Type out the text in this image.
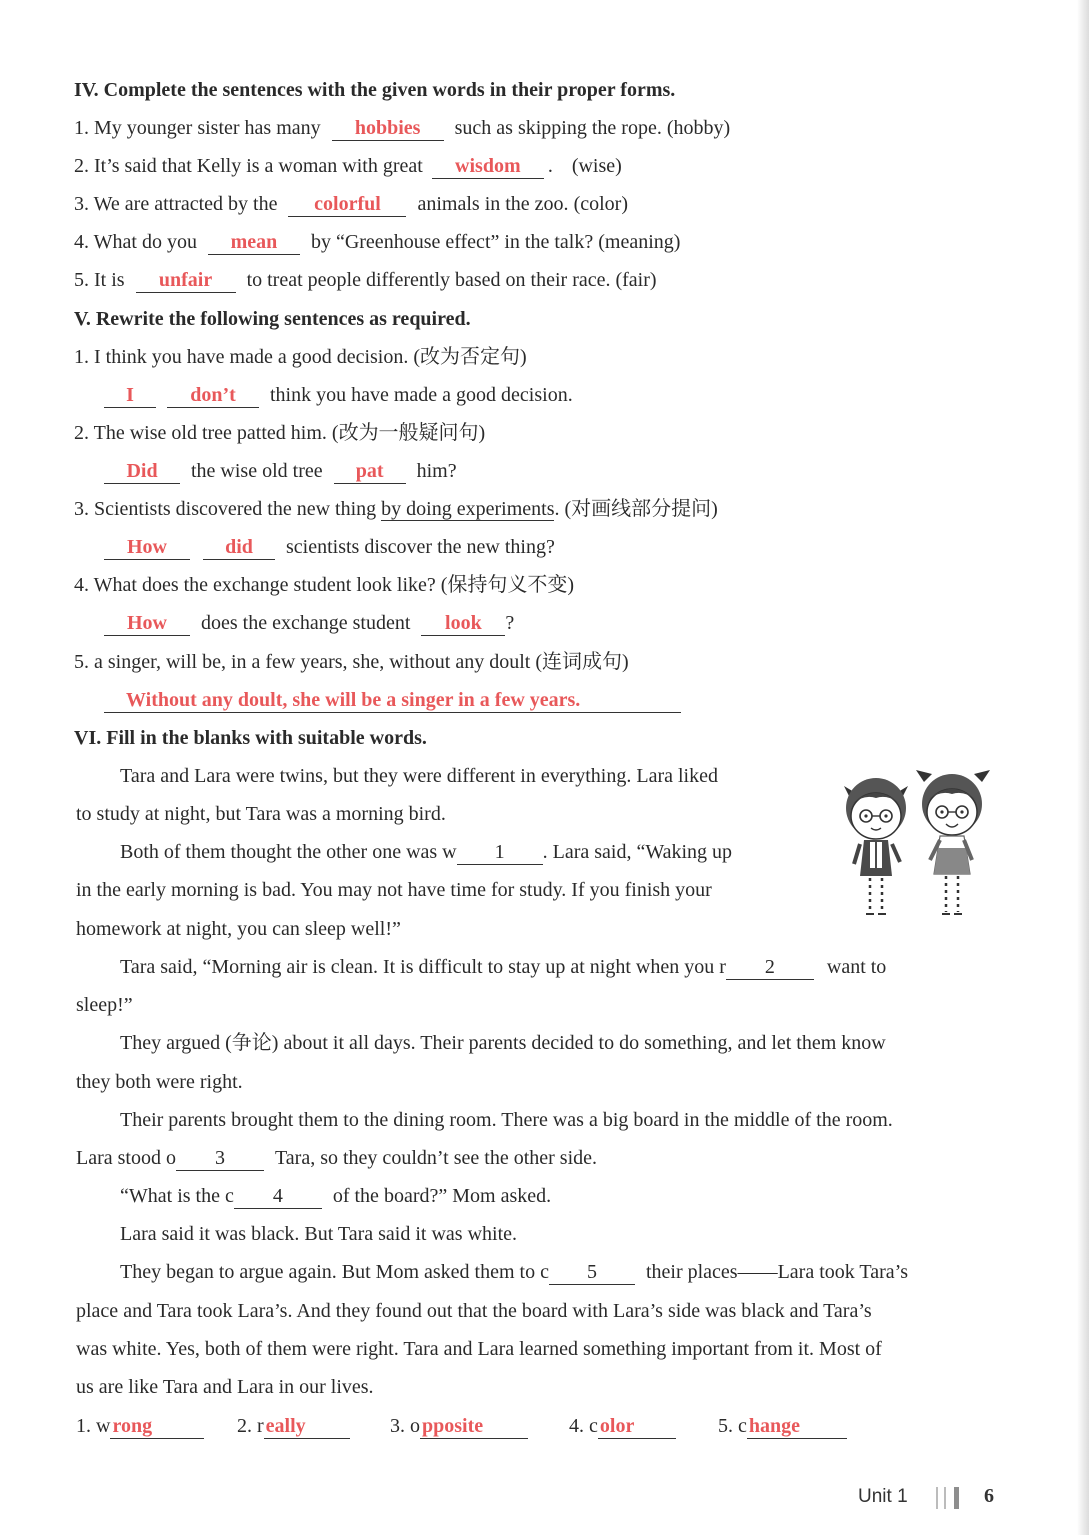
IV. Complete the sentences with the given words in their proper forms.
1. My younger sister has many hobbies such as skipping the rope. (hobby)
2. It’s said that Kelly is a woman with great wisdom . (wise)
3. We are attracted by the colorful animals in the zoo. (color)
4. What do you mean by “Greenhouse effect” in the talk? (meaning)
5. It is unfair to treat people differently based on their race. (fair)
V. Rewrite the following sentences as required.
1. I think you have made a good decision. (改为否定句)
I	don’t think you have made a good decision.
2. The wise old tree patted him. (改为一般疑问句)
Did the wise old tree pat him?
3. Scientists discovered the new thing by doing experiments. (对画线部分提问)
How	did scientists discover the new thing?
4. What does the exchange student look like? (保持句义不变)
How does the exchange student look ?
5. a singer, will be, in a few years, she, without any doult (连词成句)
Without any doult, she will be a singer in a few years.
VI. Fill in the blanks with suitable words.
Tara and Lara were twins, but they were different in everything. Lara liked
to study at night, but Tara was a morning bird.
Both of them thought the other one was w 1 . Lara said, “Waking up
in the early morning is bad. You may not have time for study. If you finish your
homework at night, you can sleep well!”
Tara said, “Morning air is clean. It is difficult to stay up at night when you r 2	want to
sleep!”
They argued (争论) about it all days. Their parents decided to do something, and let them know
they both were right.
Their parents brought them to the dining room. There was a big board in the middle of the room.
Lara stood o 3	Tara, so they couldn’t see the other side.
“What is the c 4	of the board?” Mom asked.
Lara said it was black. But Tara said it was white.
They began to argue again. But Mom asked them to c 5 their places——Lara took Tara’s
place and Tara took Lara’s. And they found out that the board with Lara’s side was black and Tara’s
was white. Yes, both of them were right. Tara and Lara learned something important from it. Most of
us are like Tara and Lara in our lives.
1. w rong	2. r eally	3. o pposite	4. c olor	5. c hange
Unit 1	6
